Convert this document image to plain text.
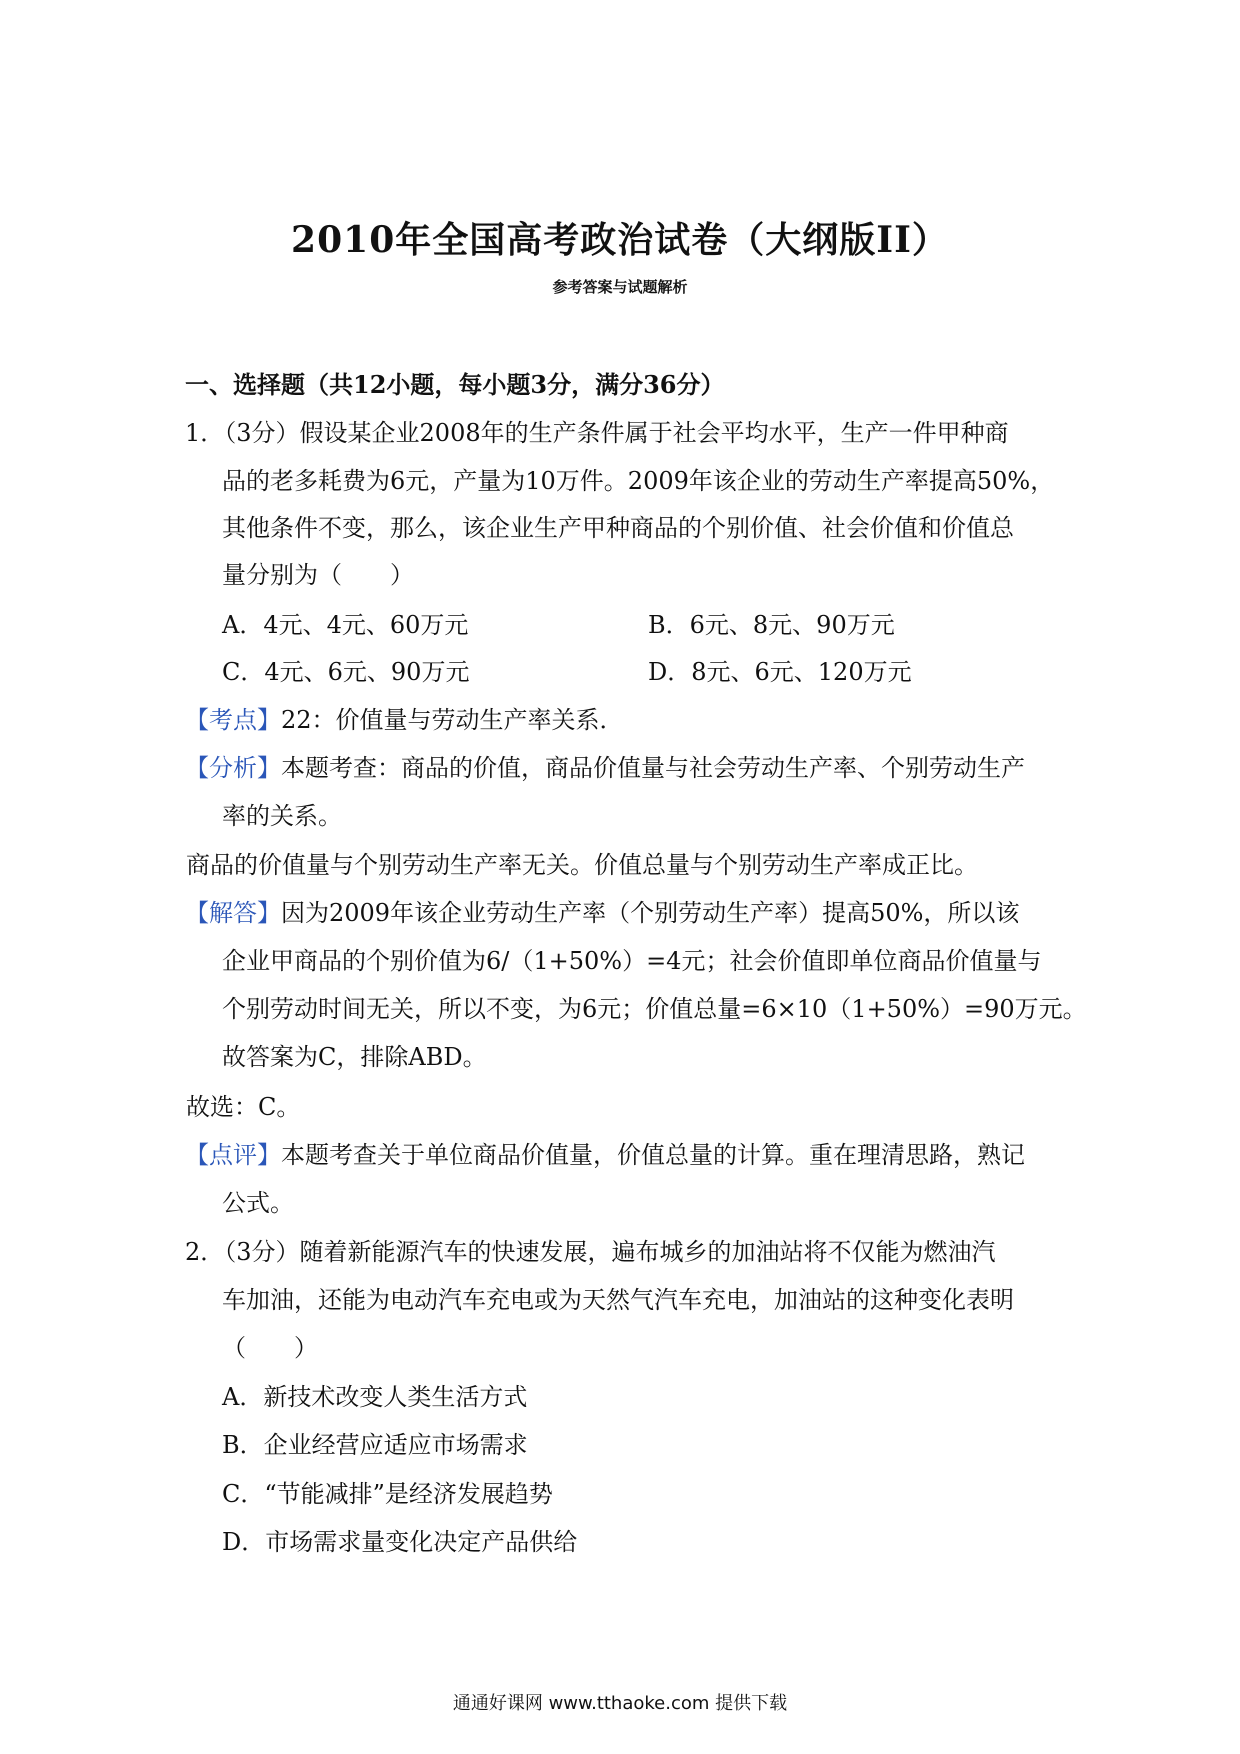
2010年全国高考政治试卷（大纲版II）
参考答案与试题解析
一、选择题（共12小题，每小题3分，满分36分）
1．（3分）假设某企业2008年的生产条件属于社会平均水平，生产一件甲种商
品的老多耗费为6元，产量为10万件。2009年该企业的劳动生产率提高50%，
其他条件不变，那么，该企业生产甲种商品的个别价值、社会价值和价值总
量分别为（　　）
A．4元、4元、60万元	B．6元、8元、90万元
C．4元、6元、90万元	D．8元、6元、120万元
【考点】22：价值量与劳动生产率关系．
【分析】本题考查：商品的价值，商品价值量与社会劳动生产率、个别劳动生产
率的关系。
商品的价值量与个别劳动生产率无关。价值总量与个别劳动生产率成正比。
【解答】因为2009年该企业劳动生产率（个别劳动生产率）提高50%，所以该
企业甲商品的个别价值为6/（1+50%）=4元；社会价值即单位商品价值量与
个别劳动时间无关，所以不变，为6元；价值总量=6×10（1+50%）=90万元。
故答案为C，排除ABD。
故选：C。
【点评】本题考查关于单位商品价值量，价值总量的计算。重在理清思路，熟记
公式。
2．（3分）随着新能源汽车的快速发展，遍布城乡的加油站将不仅能为燃油汽
车加油，还能为电动汽车充电或为天然气汽车充电，加油站的这种变化表明
（　　）
A．新技术改变人类生活方式
B．企业经营应适应市场需求
C．“节能减排”是经济发展趋势
D．市场需求量变化决定产品供给
通通好课网 www.tthaoke.com 提供下载
